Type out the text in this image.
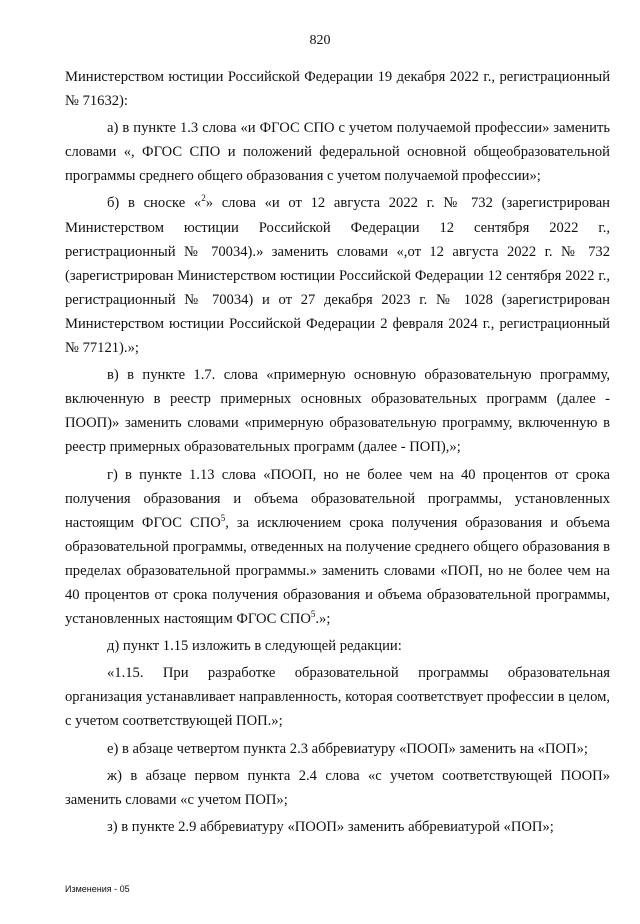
820

Министерством юстиции Российской Федерации 19 декабря 2022 г., регистрационный № 71632):

а) в пункте 1.3 слова «и ФГОС СПО с учетом получаемой профессии» заменить словами «, ФГОС СПО и положений федеральной основной общеобразовательной программы среднего общего образования с учетом получаемой профессии»;

б) в сноске «$^2$» слова «и от 12 августа 2022 г. № 732 (зарегистрирован Министерством юстиции Российской Федерации 12 сентября 2022 г., регистрационный № 70034).» заменить словами «,от 12 августа 2022 г. № 732 (зарегистрирован Министерством юстиции Российской Федерации 12 сентября 2022 г., регистрационный № 70034) и от 27 декабря 2023 г. № 1028 (зарегистрирован Министерством юстиции Российской Федерации 2 февраля 2024 г., регистрационный № 77121).»;

в) в пункте 1.7. слова «примерную основную образовательную программу, включенную в реестр примерных основных образовательных программ (далее - ПООП)» заменить словами «примерную образовательную программу, включенную в реестр примерных образовательных программ (далее - ПОП),»;

г) в пункте 1.13 слова «ПООП, но не более чем на 40 процентов от срока получения образования и объема образовательной программы, установленных настоящим ФГОС СПО$^5$, за исключением срока получения образования и объема образовательной программы, отведенных на получение среднего общего образования в пределах образовательной программы.» заменить словами «ПОП, но не более чем на 40 процентов от срока получения образования и объема образовательной программы, установленных настоящим ФГОС СПО$^5$.»;

д) пункт 1.15 изложить в следующей редакции:

«1.15. При разработке образовательной программы образовательная организация устанавливает направленность, которая соответствует профессии в целом, с учетом соответствующей ПОП.»;

е) в абзаце четвертом пункта 2.3 аббревиатуру «ПООП» заменить на «ПОП»;

ж) в абзаце первом пункта 2.4 слова «с учетом соответствующей ПООП» заменить словами «с учетом ПОП»;

з) в пункте 2.9 аббревиатуру «ПООП» заменить аббревиатурой «ПОП»;

Изменения - 05
